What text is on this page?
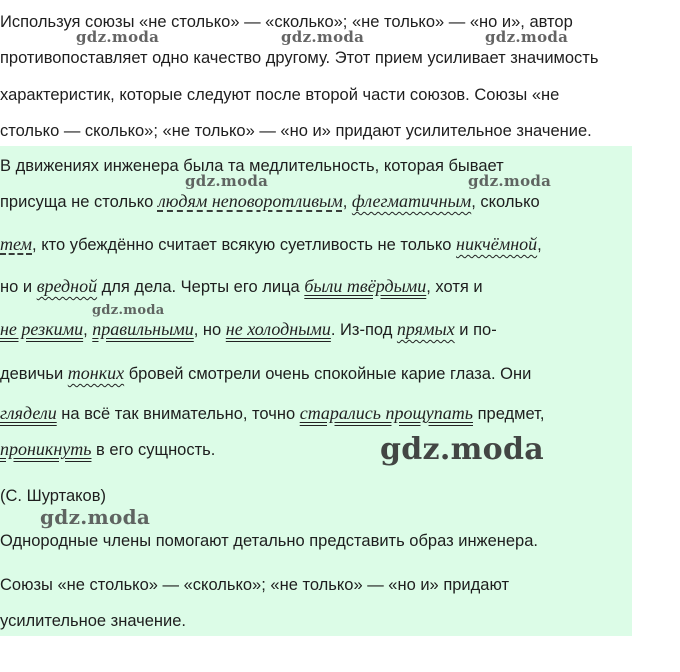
Используя союзы «не столько» — «сколько»; «не только» — «но и», автор
противопоставляет одно качество другому. Этот прием усиливает значимость
характеристик, которые следуют после второй части союзов. Союзы «не
столько — сколько»; «не только» — «но и» придают усилительное значение.
В движениях инженера была та медлительность, которая бывает
присуща не столько людям неповоротливым, флегматичным, сколько
тем, кто убеждённо считает всякую суетливость не только никчёмной,
но и вредной для дела. Черты его лица были твёрдыми, хотя и
не резкими, правильными, но не холодными. Из-под прямых и по-
девичьи тонких бровей смотрели очень спокойные карие глаза. Они
глядели на всё так внимательно, точно старались прощупать предмет,
проникнуть в его сущность.
(С. Шуртаков)
Однородные члены помогают детально представить образ инженера.
Союзы «не столько» — «сколько»; «не только» — «но и» придают
усилительное значение.
gdz.moda	gdz.moda	gdz.moda
gdz.moda	gdz.moda
gdz.moda
gdz.moda
gdz.moda
